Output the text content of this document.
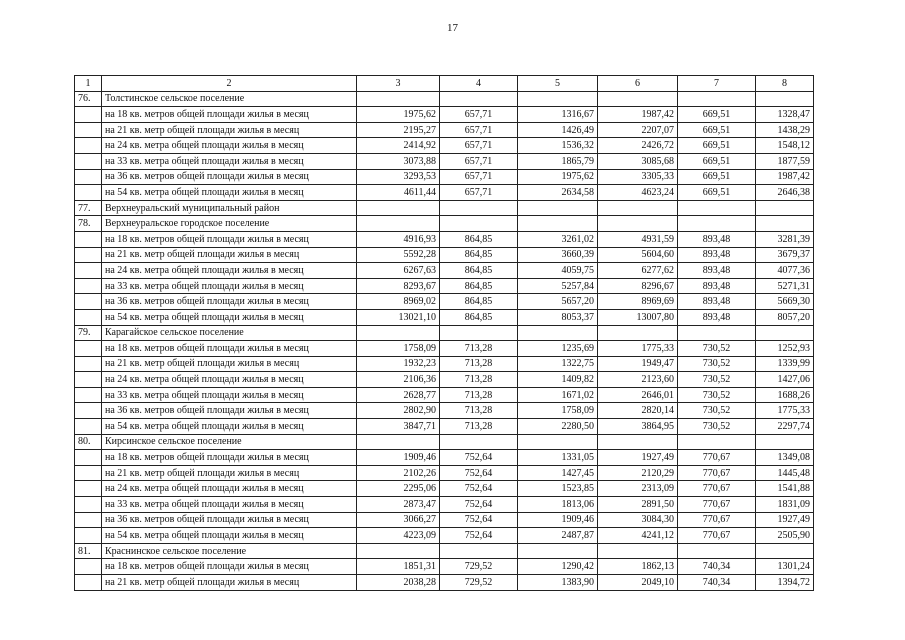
17
1	2	3	4	5	6	7	8
76.	Толстинское сельское поселение						
	на 18 кв. метров общей площади жилья в месяц	1975,62	657,71	1316,67	1987,42	669,51	1328,47
	на 21 кв. метр общей площади жилья в месяц	2195,27	657,71	1426,49	2207,07	669,51	1438,29
	на 24 кв. метра общей площади жилья в месяц	2414,92	657,71	1536,32	2426,72	669,51	1548,12
	на 33 кв. метра общей площади жилья в месяц	3073,88	657,71	1865,79	3085,68	669,51	1877,59
	на 36 кв. метров общей площади жилья в месяц	3293,53	657,71	1975,62	3305,33	669,51	1987,42
	на 54 кв. метра общей площади жилья в месяц	4611,44	657,71	2634,58	4623,24	669,51	2646,38
77.	Верхнеуральский муниципальный район						
78.	Верхнеуральское городское поселение						
	на 18 кв. метров общей площади жилья в месяц	4916,93	864,85	3261,02	4931,59	893,48	3281,39
	на 21 кв. метр общей площади жилья в месяц	5592,28	864,85	3660,39	5604,60	893,48	3679,37
	на 24 кв. метра общей площади жилья в месяц	6267,63	864,85	4059,75	6277,62	893,48	4077,36
	на 33 кв. метра общей площади жилья в месяц	8293,67	864,85	5257,84	8296,67	893,48	5271,31
	на 36 кв. метров общей площади жилья в месяц	8969,02	864,85	5657,20	8969,69	893,48	5669,30
	на 54 кв. метра общей площади жилья в месяц	13021,10	864,85	8053,37	13007,80	893,48	8057,20
79.	Карагайское сельское поселение						
	на 18 кв. метров общей площади жилья в месяц	1758,09	713,28	1235,69	1775,33	730,52	1252,93
	на 21 кв. метр общей площади жилья в месяц	1932,23	713,28	1322,75	1949,47	730,52	1339,99
	на 24 кв. метра общей площади жилья в месяц	2106,36	713,28	1409,82	2123,60	730,52	1427,06
	на 33 кв. метра общей площади жилья в месяц	2628,77	713,28	1671,02	2646,01	730,52	1688,26
	на 36 кв. метров общей площади жилья в месяц	2802,90	713,28	1758,09	2820,14	730,52	1775,33
	на 54 кв. метра общей площади жилья в месяц	3847,71	713,28	2280,50	3864,95	730,52	2297,74
80.	Кирсинское сельское поселение						
	на 18 кв. метров общей площади жилья в месяц	1909,46	752,64	1331,05	1927,49	770,67	1349,08
	на 21 кв. метр общей площади жилья в месяц	2102,26	752,64	1427,45	2120,29	770,67	1445,48
	на 24 кв. метра общей площади жилья в месяц	2295,06	752,64	1523,85	2313,09	770,67	1541,88
	на 33 кв. метра общей площади жилья в месяц	2873,47	752,64	1813,06	2891,50	770,67	1831,09
	на 36 кв. метров общей площади жилья в месяц	3066,27	752,64	1909,46	3084,30	770,67	1927,49
	на 54 кв. метра общей площади жилья в месяц	4223,09	752,64	2487,87	4241,12	770,67	2505,90
81.	Краснинское сельское поселение						
	на 18 кв. метров общей площади жилья в месяц	1851,31	729,52	1290,42	1862,13	740,34	1301,24
	на 21 кв. метр общей площади жилья в месяц	2038,28	729,52	1383,90	2049,10	740,34	1394,72
